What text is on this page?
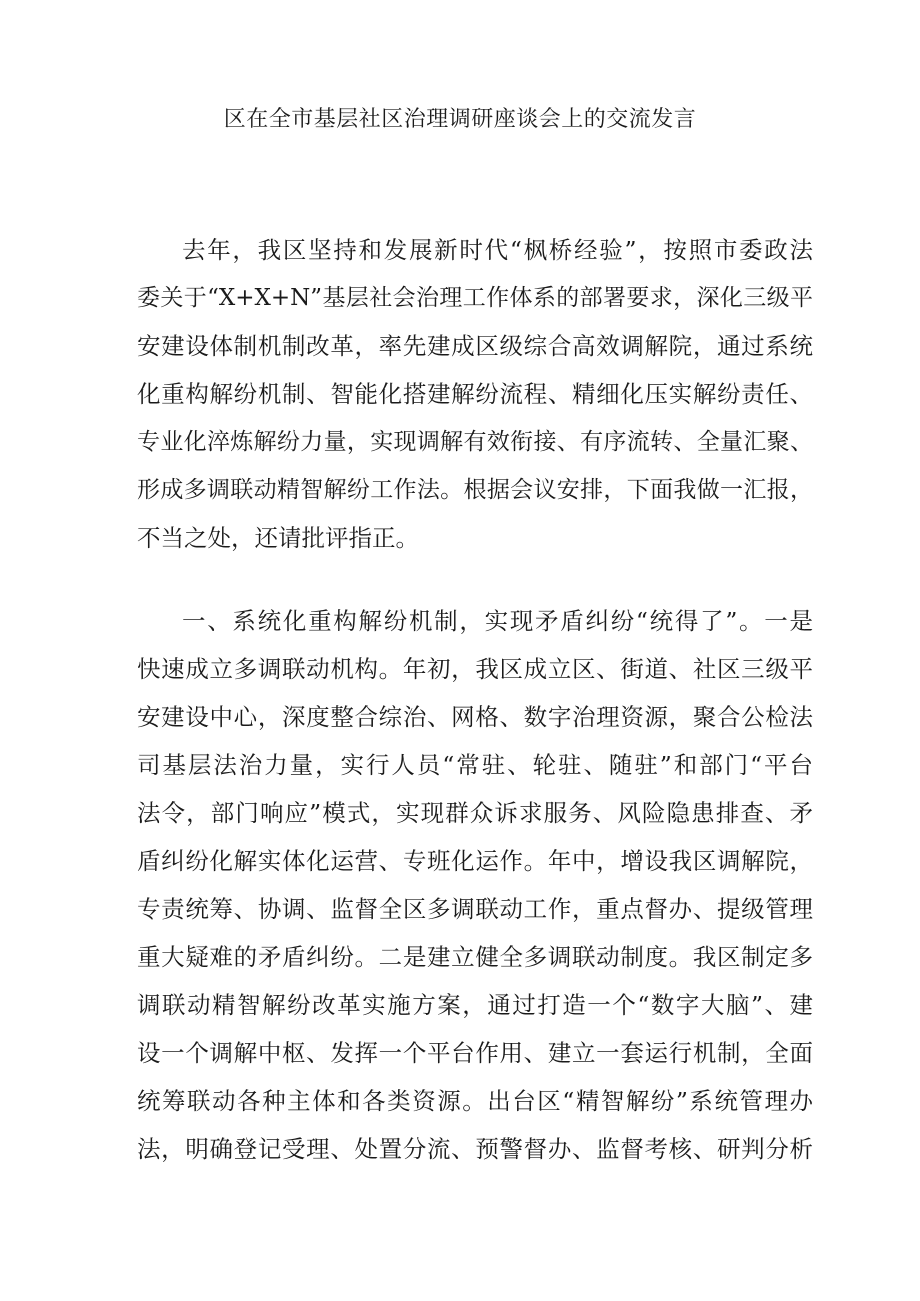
区在全市基层社区治理调研座谈会上的交流发言
去年，我区坚持和发展新时代“枫桥经验”，按照市委政法
委关于“X+X+N”基层社会治理工作体系的部署要求，深化三级平
安建设体制机制改革，率先建成区级综合高效调解院，通过系统
化重构解纷机制、智能化搭建解纷流程、精细化压实解纷责任、
专业化淬炼解纷力量，实现调解有效衔接、有序流转、全量汇聚、
形成多调联动精智解纷工作法。根据会议安排，下面我做一汇报，
不当之处，还请批评指正。
一、系统化重构解纷机制，实现矛盾纠纷“统得了”。一是
快速成立多调联动机构。年初，我区成立区、街道、社区三级平
安建设中心，深度整合综治、网格、数字治理资源，聚合公检法
司基层法治力量，实行人员“常驻、轮驻、随驻”和部门“平台
法令，部门响应”模式，实现群众诉求服务、风险隐患排查、矛
盾纠纷化解实体化运营、专班化运作。年中，增设我区调解院，
专责统筹、协调、监督全区多调联动工作，重点督办、提级管理
重大疑难的矛盾纠纷。二是建立健全多调联动制度。我区制定多
调联动精智解纷改革实施方案，通过打造一个“数字大脑”、建
设一个调解中枢、发挥一个平台作用、建立一套运行机制，全面
统筹联动各种主体和各类资源。出台区“精智解纷”系统管理办
法，明确登记受理、处置分流、预警督办、监督考核、研判分析
